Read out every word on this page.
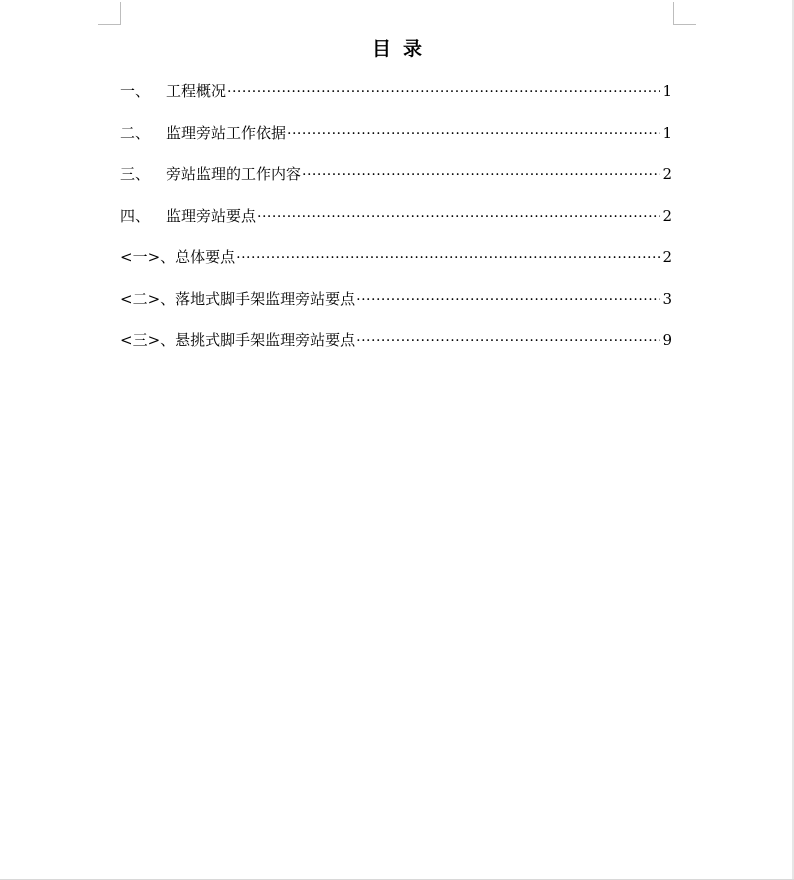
目录
一、	工程概况 .....	1
二、	监理旁站工作依据 .....	1
三、	旁站监理的工作内容 .....	2
四、	监理旁站要点 .....	2
<一>、 总体要点 .....	2
<二>、 落地式脚手架监理旁站要点 .....	3
<三>、 悬挑式脚手架监理旁站要点 .....	9
